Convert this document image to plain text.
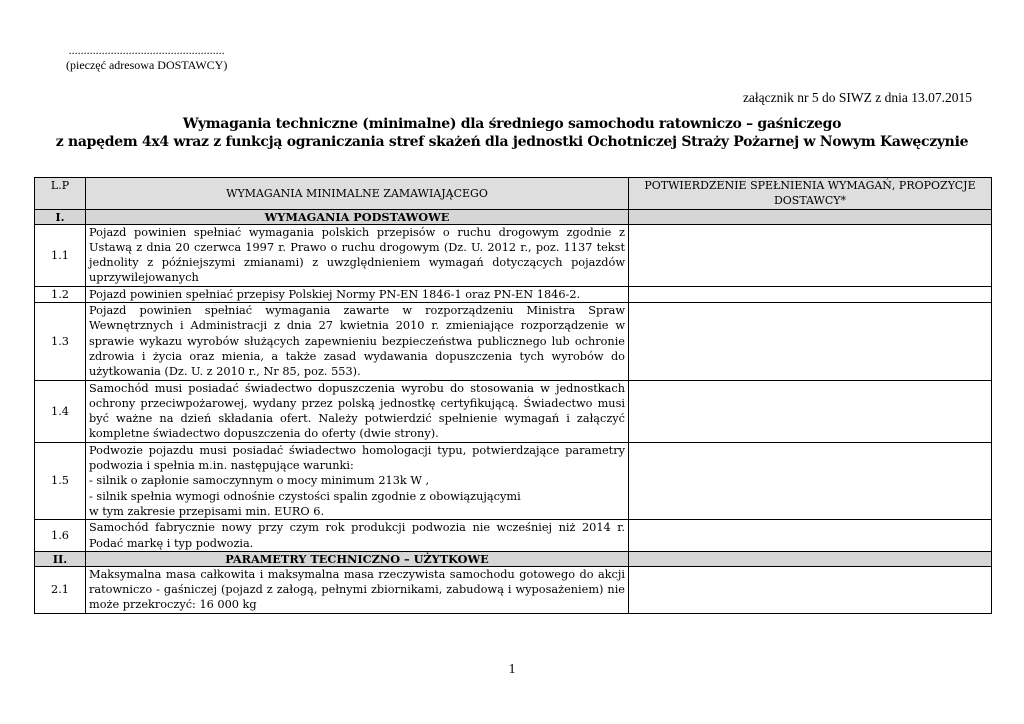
....................................................
(pieczęć adresowa DOSTAWCY)
załącznik nr 5 do SIWZ z dnia 13.07.2015
Wymagania techniczne (minimalne) dla średniego samochodu ratowniczo – gaśniczego
z napędem 4x4 wraz z funkcją ograniczania stref skażeń dla jednostki Ochotniczej Straży Pożarnej w Nowym Kawęczynie
L.P	WYMAGANIA MINIMALNE ZAMAWIAJĄCEGO	POTWIERDZENIE SPEŁNIENIA WYMAGAŃ, PROPOZYCJE DOSTAWCY*
I.	WYMAGANIA PODSTAWOWE	
1.1	Pojazd powinien spełniać wymagania polskich przepisów o ruchu drogowym zgodnie z Ustawą z dnia 20 czerwca 1997 r. Prawo o ruchu drogowym (Dz. U. 2012 r., poz. 1137 tekst jednolity z późniejszymi zmianami) z uwzględnieniem wymagań dotyczących pojazdów uprzywilejowanych	
1.2	Pojazd powinien spełniać przepisy Polskiej Normy PN-EN 1846-1 oraz PN-EN 1846-2.	
1.3	Pojazd powinien spełniać wymagania zawarte w rozporządzeniu Ministra Spraw Wewnętrznych i Administracji z dnia 27 kwietnia 2010 r. zmieniające rozporządzenie w sprawie wykazu wyrobów służących zapewnieniu bezpieczeństwa publicznego lub ochronie zdrowia i życia oraz mienia, a także zasad wydawania dopuszczenia tych wyrobów do użytkowania (Dz. U. z 2010 r., Nr 85, poz. 553).	
1.4	Samochód musi posiadać świadectwo dopuszczenia wyrobu do stosowania w jednostkach ochrony przeciwpożarowej, wydany przez polską jednostkę certyfikującą. Świadectwo musi być ważne na dzień składania ofert. Należy potwierdzić spełnienie wymagań i załączyć kompletne świadectwo dopuszczenia do oferty (dwie strony).	
1.5	Podwozie pojazdu musi posiadać świadectwo homologacji typu, potwierdzające parametry podwozia i spełnia m.in. następujące warunki:
- silnik o zapłonie samoczynnym o mocy minimum 213k W ,
- silnik spełnia wymogi odnośnie czystości spalin zgodnie z obowiązującymi
w tym zakresie przepisami min. EURO 6.	
1.6	Samochód fabrycznie nowy przy czym rok produkcji podwozia nie wcześniej niż 2014 r. Podać markę i typ podwozia.	
II.	PARAMETRY TECHNICZNO – UŻYTKOWE	
2.1	Maksymalna masa całkowita i maksymalna masa rzeczywista samochodu gotowego do akcji ratowniczo - gaśniczej (pojazd z załogą, pełnymi zbiornikami, zabudową i wyposażeniem) nie może przekroczyć: 16 000 kg	
1
